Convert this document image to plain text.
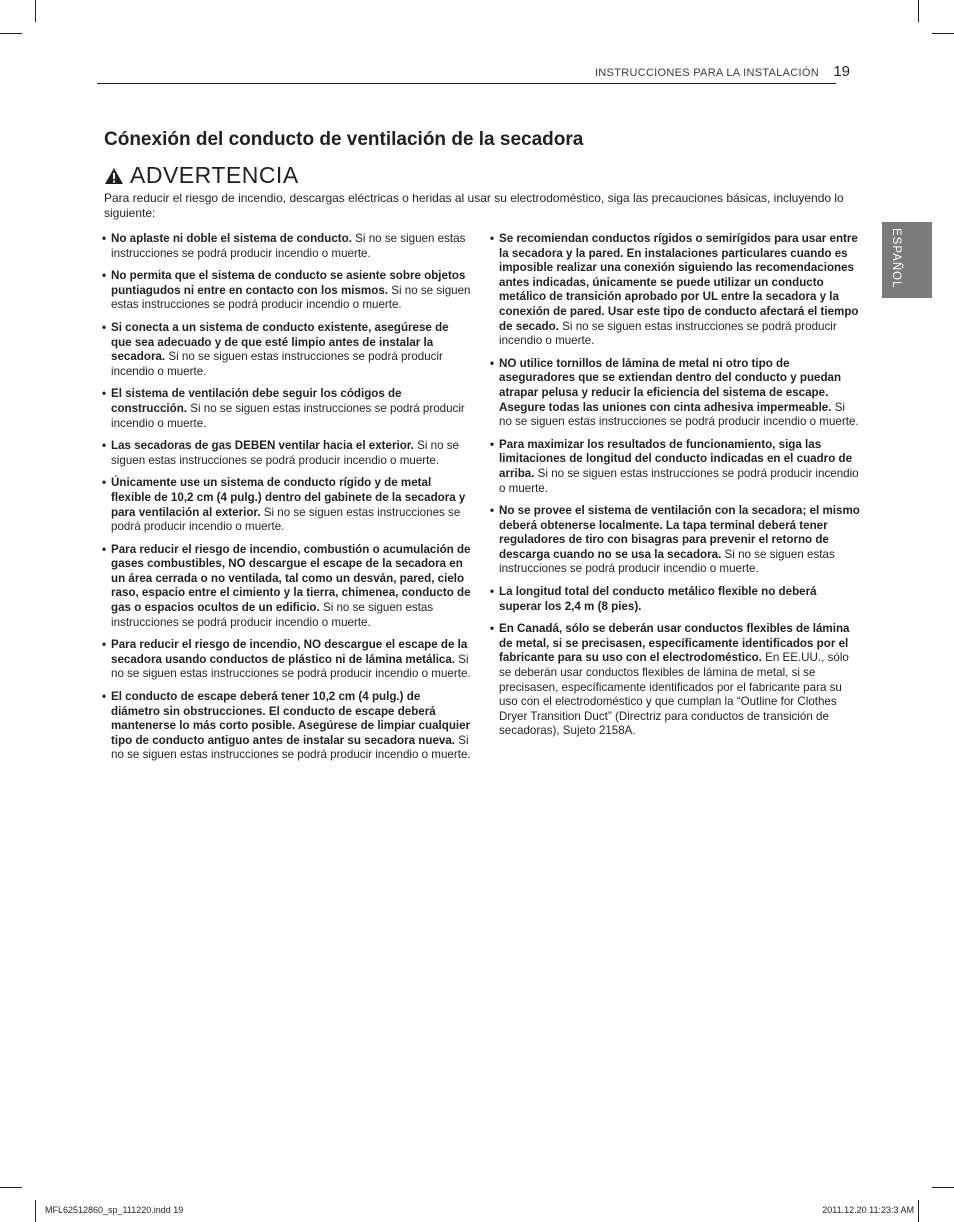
INSTRUCCIONES PARA LA INSTALACIÓN 19
Cónexión del conducto de ventilación de la secadora
ADVERTENCIA

Para reducir el riesgo de incendio, descargas eléctricas o heridas al usar su electrodoméstico, siga las precauciones básicas, incluyendo lo siguiente:

• No aplaste ni doble el sistema de conducto. Si no se siguen estas instrucciones se podrá producir incendio o muerte.
• No permita que el sistema de conducto se asiente sobre objetos puntiagudos ni entre en contacto con los mismos. Si no se siguen estas instrucciones se podrá producir incendio o muerte.
• Si conecta a un sistema de conducto existente, asegúrese de que sea adecuado y de que esté limpio antes de instalar la secadora. Si no se siguen estas instrucciones se podrá producir incendio o muerte.
• El sistema de ventilación debe seguir los códigos de construcción. Si no se siguen estas instrucciones se podrá producir incendio o muerte.
• Las secadoras de gas DEBEN ventilar hacia el exterior. Si no se siguen estas instrucciones se podrá producir incendio o muerte.
• Únicamente use un sistema de conducto rígido y de metal flexible de 10,2 cm (4 pulg.) dentro del gabinete de la secadora y para ventilación al exterior. Si no se siguen estas instrucciones se podrá producir incendio o muerte.
• Para reducir el riesgo de incendio, combustión o acumulación de gases combustibles, NO descargue el escape de la secadora en un área cerrada o no ventilada, tal como un desván, pared, cielo raso, espacio entre el cimiento y la tierra, chimenea, conducto de gas o espacios ocultos de un edificio. Si no se siguen estas instrucciones se podrá producir incendio o muerte.
• Para reducir el riesgo de incendio, NO descargue el escape de la secadora usando conductos de plástico ni de lámina metálica. Si no se siguen estas instrucciones se podrá producir incendio o muerte.
• El conducto de escape deberá tener 10,2 cm (4 pulg.) de diámetro sin obstrucciones. El conducto de escape deberá mantenerse lo más corto posible. Asegúrese de limpiar cualquier tipo de conducto antiguo antes de instalar su secadora nueva. Si no se siguen estas instrucciones se podrá producir incendio o muerte.
• Se recomiendan conductos rígidos o semirígidos para usar entre la secadora y la pared. En instalaciones particulares cuando es imposible realizar una conexión siguiendo las recomendaciones antes indicadas, únicamente se puede utilizar un conducto metálico de transición aprobado por UL entre la secadora y la conexión de pared. Usar este tipo de conducto afectará el tiempo de secado. Si no se siguen estas instrucciones se podrá producir incendio o muerte.
• NO utilice tornillos de lámina de metal ni otro tipo de aseguradores que se extiendan dentro del conducto y puedan atrapar pelusa y reducir la eficiencia del sistema de escape. Asegure todas las uniones con cinta adhesiva impermeable. Si no se siguen estas instrucciones se podrá producir incendio o muerte.
• Para maximizar los resultados de funcionamiento, siga las limitaciones de longitud del conducto indicadas en el cuadro de arriba. Si no se siguen estas instrucciones se podrá producir incendio o muerte.
• No se provee el sistema de ventilación con la secadora; el mismo deberá obtenerse localmente. La tapa terminal deberá tener reguladores de tiro con bisagras para prevenir el retorno de descarga cuando no se usa la secadora. Si no se siguen estas instrucciones se podrá producir incendio o muerte.
• La longitud total del conducto metálico flexible no deberá superar los 2,4 m (8 pies).
• En Canadá, sólo se deberán usar conductos flexibles de lámina de metal, si se precisasen, específicamente identificados por el fabricante para su uso con el electrodoméstico. En EE.UU., sólo se deberán usar conductos flexibles de lámina de metal, si se precisasen, específicamente identificados por el fabricante para su uso con el electrodoméstico y que cumplan la “Outline for Clothes Dryer Transition Duct” (Directriz para conductos de transición de secadoras), Sujeto 2158A.
ESPAÑOL
MFL62512860_sp_111220.indd 19	2011.12.20 11:23:3 AM
